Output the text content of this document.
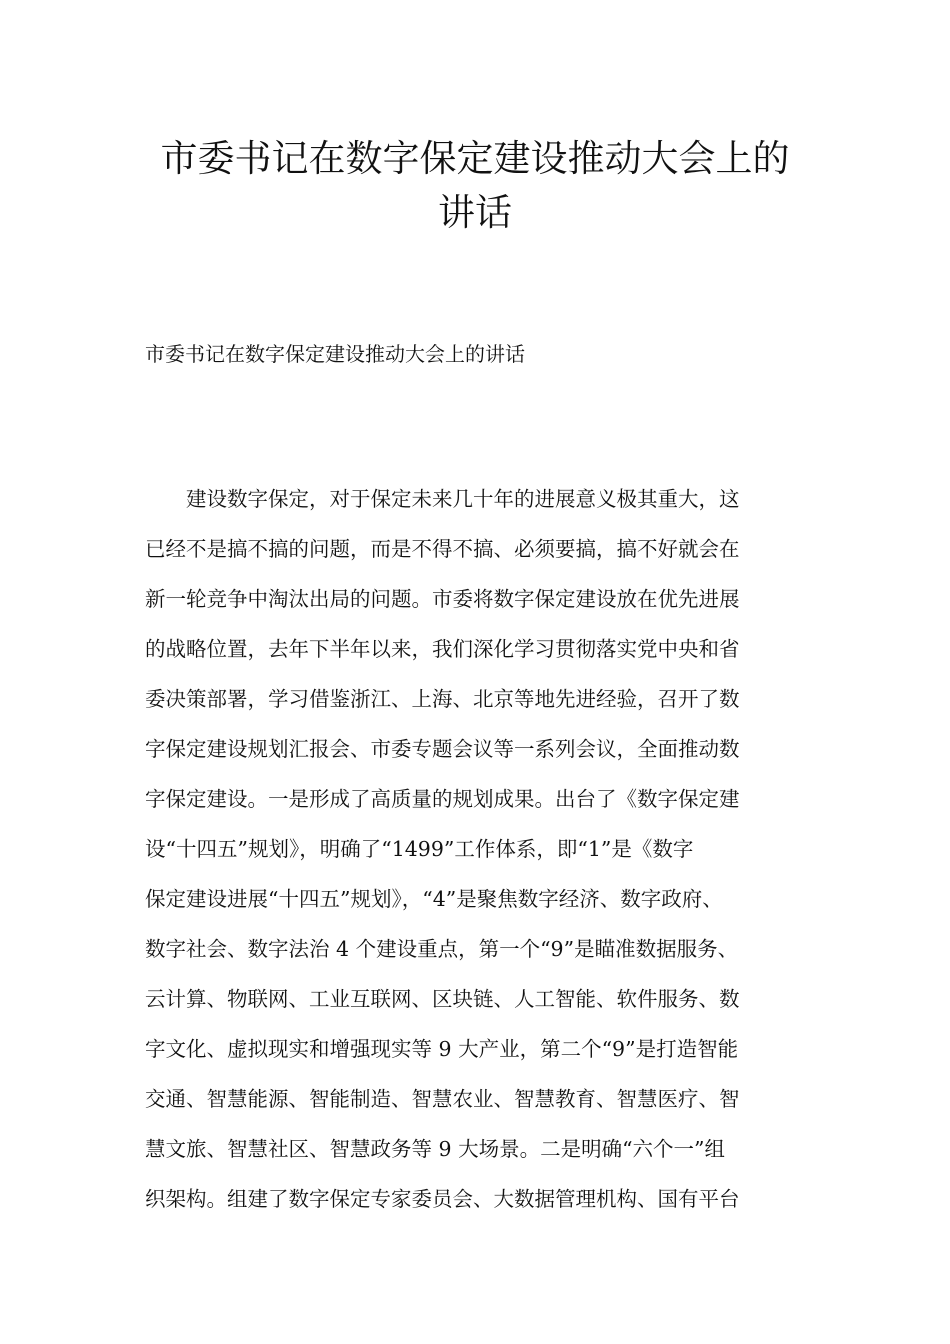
市委书记在数字保定建设推动大会上的
讲话

市委书记在数字保定建设推动大会上的讲话

　　建设数字保定，对于保定未来几十年的进展意义极其重大，这

已经不是搞不搞的问题，而是不得不搞、必须要搞，搞不好就会在

新一轮竞争中淘汰出局的问题。市委将数字保定建设放在优先进展

的战略位置，去年下半年以来，我们深化学习贯彻落实党中央和省

委决策部署，学习借鉴浙江、上海、北京等地先进经验，召开了数

字保定建设规划汇报会、市委专题会议等一系列会议，全面推动数

字保定建设。一是形成了高质量的规划成果。出台了《数字保定建

设“十四五”规划》，明确了“1499”工作体系，即“1”是《数字

保定建设进展“十四五”规划》，“4”是聚焦数字经济、数字政府、

数字社会、数字法治 4 个建设重点，第一个“9”是瞄准数据服务、

云计算、物联网、工业互联网、区块链、人工智能、软件服务、数

字文化、虚拟现实和增强现实等 9 大产业，第二个“9”是打造智能

交通、智慧能源、智能制造、智慧农业、智慧教育、智慧医疗、智

慧文旅、智慧社区、智慧政务等 9 大场景。二是明确“六个一”组

织架构。组建了数字保定专家委员会、大数据管理机构、国有平台
